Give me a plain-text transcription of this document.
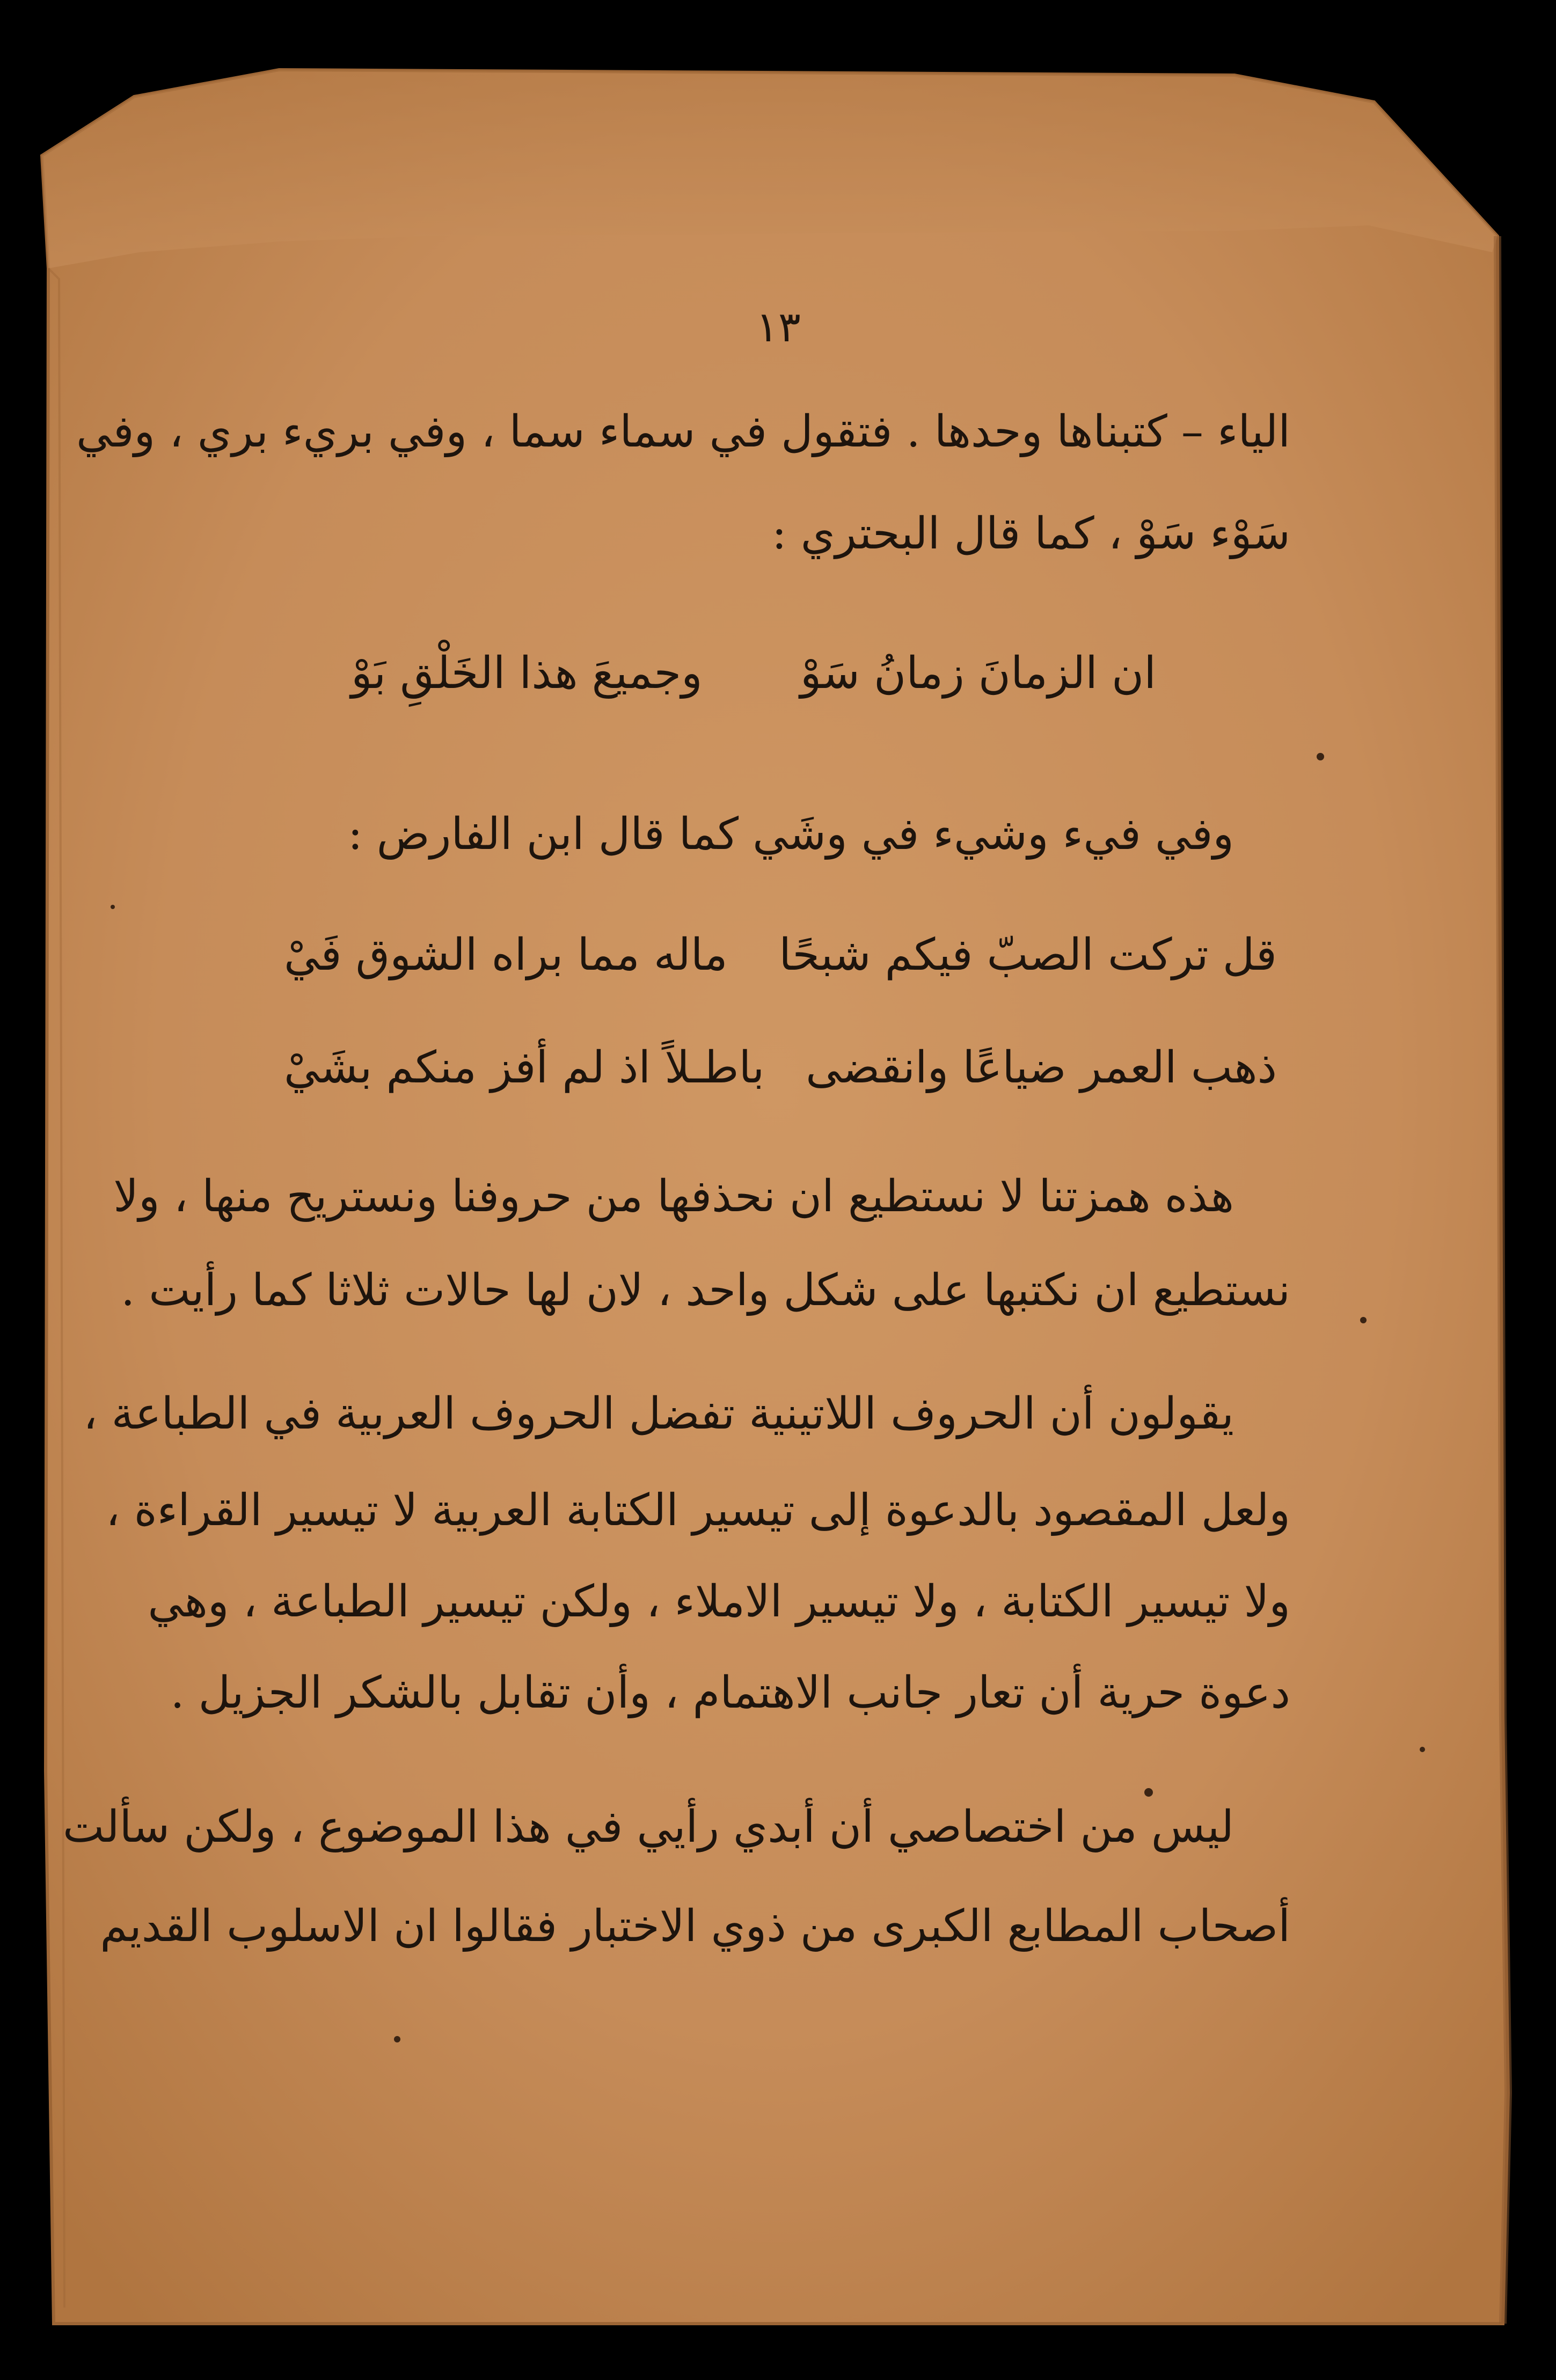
١٣
الياء – كتبناها وحدها . فتقول في سماء سما ، وفي بريء بري ، وفي
سَوْء سَوْ ، كما قال البحتري :
ان الزمانَ زمانُ سَوْ
وجميعَ هذا الخَلْقِ بَوْ
وفي فيء وشيء في وشَي كما قال ابن الفارض :
قل تركت الصبّ فيكم شبحًا
ماله مما براه الشوق فَيْ
ذهب العمر ضياعًا وانقضى
باطـلاً اذ لم أفز منكم بشَيْ
هذه همزتنا لا نستطيع ان نحذفها من حروفنا ونستريح منها ، ولا
نستطيع ان نكتبها على شكل واحد ، لان لها حالات ثلاثا كما رأيت .
يقولون أن الحروف اللاتينية تفضل الحروف العربية في الطباعة ،
ولعل المقصود بالدعوة إلى تيسير الكتابة العربية لا تيسير القراءة ،
ولا تيسير الكتابة ، ولا تيسير الاملاء ، ولكن تيسير الطباعة ، وهي
دعوة حرية أن تعار جانب الاهتمام ، وأن تقابل بالشكر الجزيل .
ليس من اختصاصي أن أبدي رأيي في هذا الموضوع ، ولكن سألت
أصحاب المطابع الكبرى من ذوي الاختبار فقالوا ان الاسلوب القديم
